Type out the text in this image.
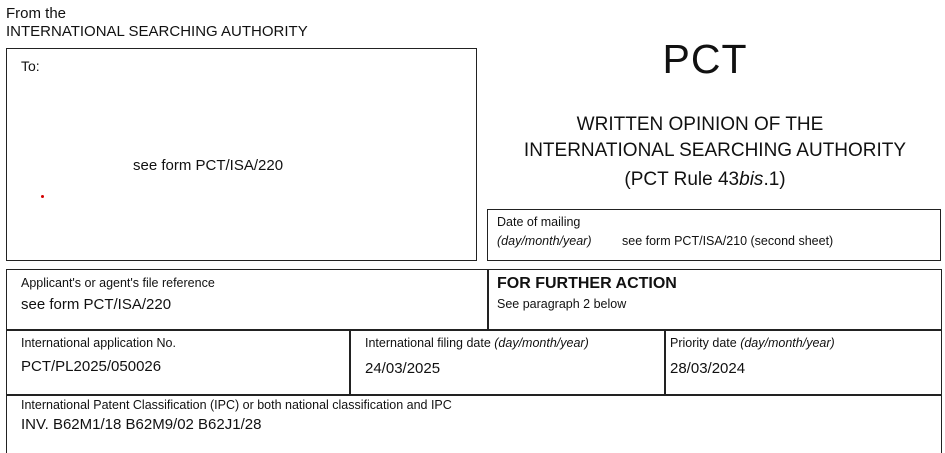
From the
INTERNATIONAL SEARCHING AUTHORITY
To:
see form PCT/ISA/220
PCT
WRITTEN OPINION OF THE
INTERNATIONAL SEARCHING AUTHORITY
(PCT Rule 43bis.1)
Date of mailing
(day/month/year) see form PCT/ISA/210 (second sheet)
Applicant's or agent's file reference
see form PCT/ISA/220
FOR FURTHER ACTION
See paragraph 2 below
International application No.
PCT/PL2025/050026
International filing date (day/month/year)
24/03/2025
Priority date (day/month/year)
28/03/2024
International Patent Classification (IPC) or both national classification and IPC
INV. B62M1/18 B62M9/02 B62J1/28
